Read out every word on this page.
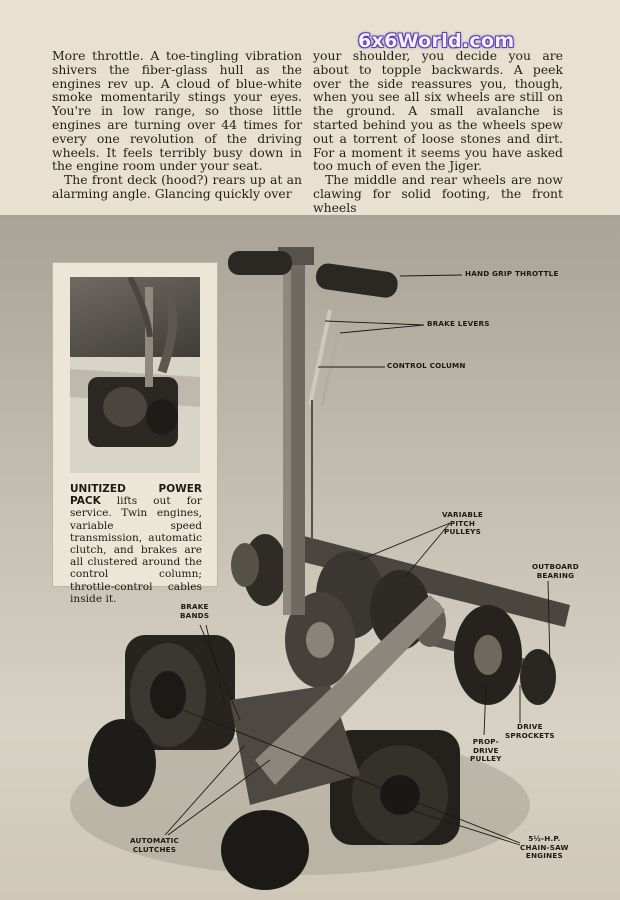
More throttle. A toe-tingling vibration shivers the fiber-glass hull as the engines rev up. A cloud of blue-white smoke momentarily stings your eyes. You're in low range, so those little engines are turning over 44 times for every one revolution of the driving wheels. It feels terribly busy down in the engine room under your seat.

The front deck (hood?) rears up at an alarming angle. Glancing quickly over

your shoulder, you decide you are about to topple backwards. A peek over the side reassures you, though, when you see all six wheels are still on the ground. A small avalanche is started behind you as the wheels spew out a torrent of loose stones and dirt. For a moment it seems you have asked too much of even the Jiger.

The middle and rear wheels are now clawing for solid footing, the front wheels

6x6World.com
HAND GRIP THROTTLE
BRAKE LEVERS
CONTROL COLUMN
VARIABLE
PITCH
PULLEYS
OUTBOARD
BEARING
BRAKE
BANDS
DRIVE
SPROCKETS
PROP-
DRIVE
PULLEY
AUTOMATIC
CLUTCHES
5½-H.P.
CHAIN-SAW
ENGINES
UNITIZED POWER PACK lifts out for service. Twin engines, variable speed transmission, automatic clutch, and brakes are all clustered around the control column; throttle-control cables inside it.
